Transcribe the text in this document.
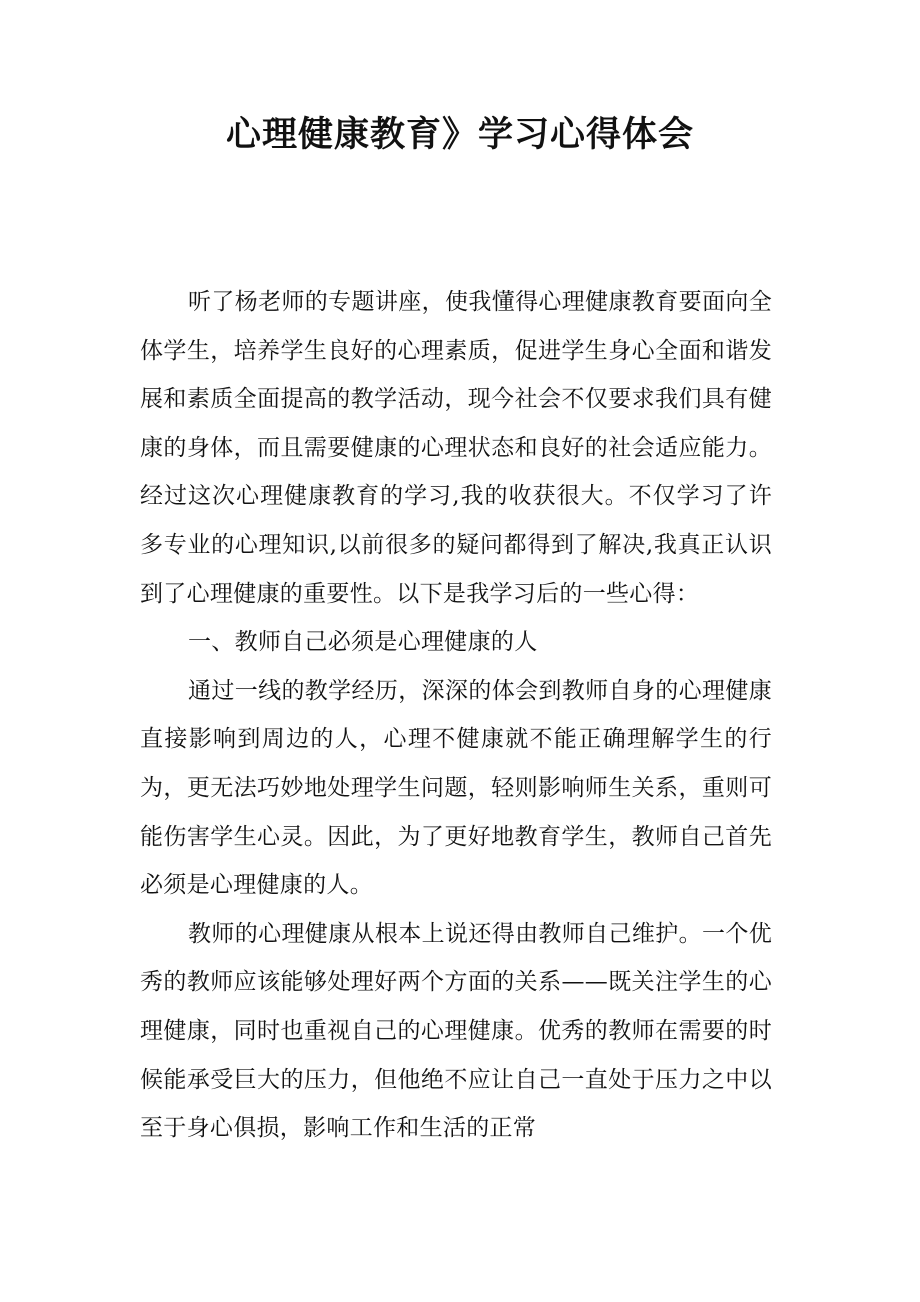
心理健康教育》学习心得体会

听了杨老师的专题讲座，使我懂得心理健康教育要面向全体学生，培养学生良好的心理素质，促进学生身心全面和谐发展和素质全面提高的教学活动，现今社会不仅要求我们具有健康的身体，而且需要健康的心理状态和良好的社会适应能力。经过这次心理健康教育的学习,我的收获很大。不仅学习了许多专业的心理知识,以前很多的疑问都得到了解决,我真正认识到了心理健康的重要性。以下是我学习后的一些心得：

一、教师自己必须是心理健康的人

通过一线的教学经历，深深的体会到教师自身的心理健康直接影响到周边的人，心理不健康就不能正确理解学生的行为，更无法巧妙地处理学生问题，轻则影响师生关系，重则可能伤害学生心灵。因此，为了更好地教育学生，教师自己首先必须是心理健康的人。

教师的心理健康从根本上说还得由教师自己维护。一个优秀的教师应该能够处理好两个方面的关系——既关注学生的心理健康，同时也重视自己的心理健康。优秀的教师在需要的时候能承受巨大的压力，但他绝不应让自己一直处于压力之中以至于身心俱损，影响工作和生活的正常
